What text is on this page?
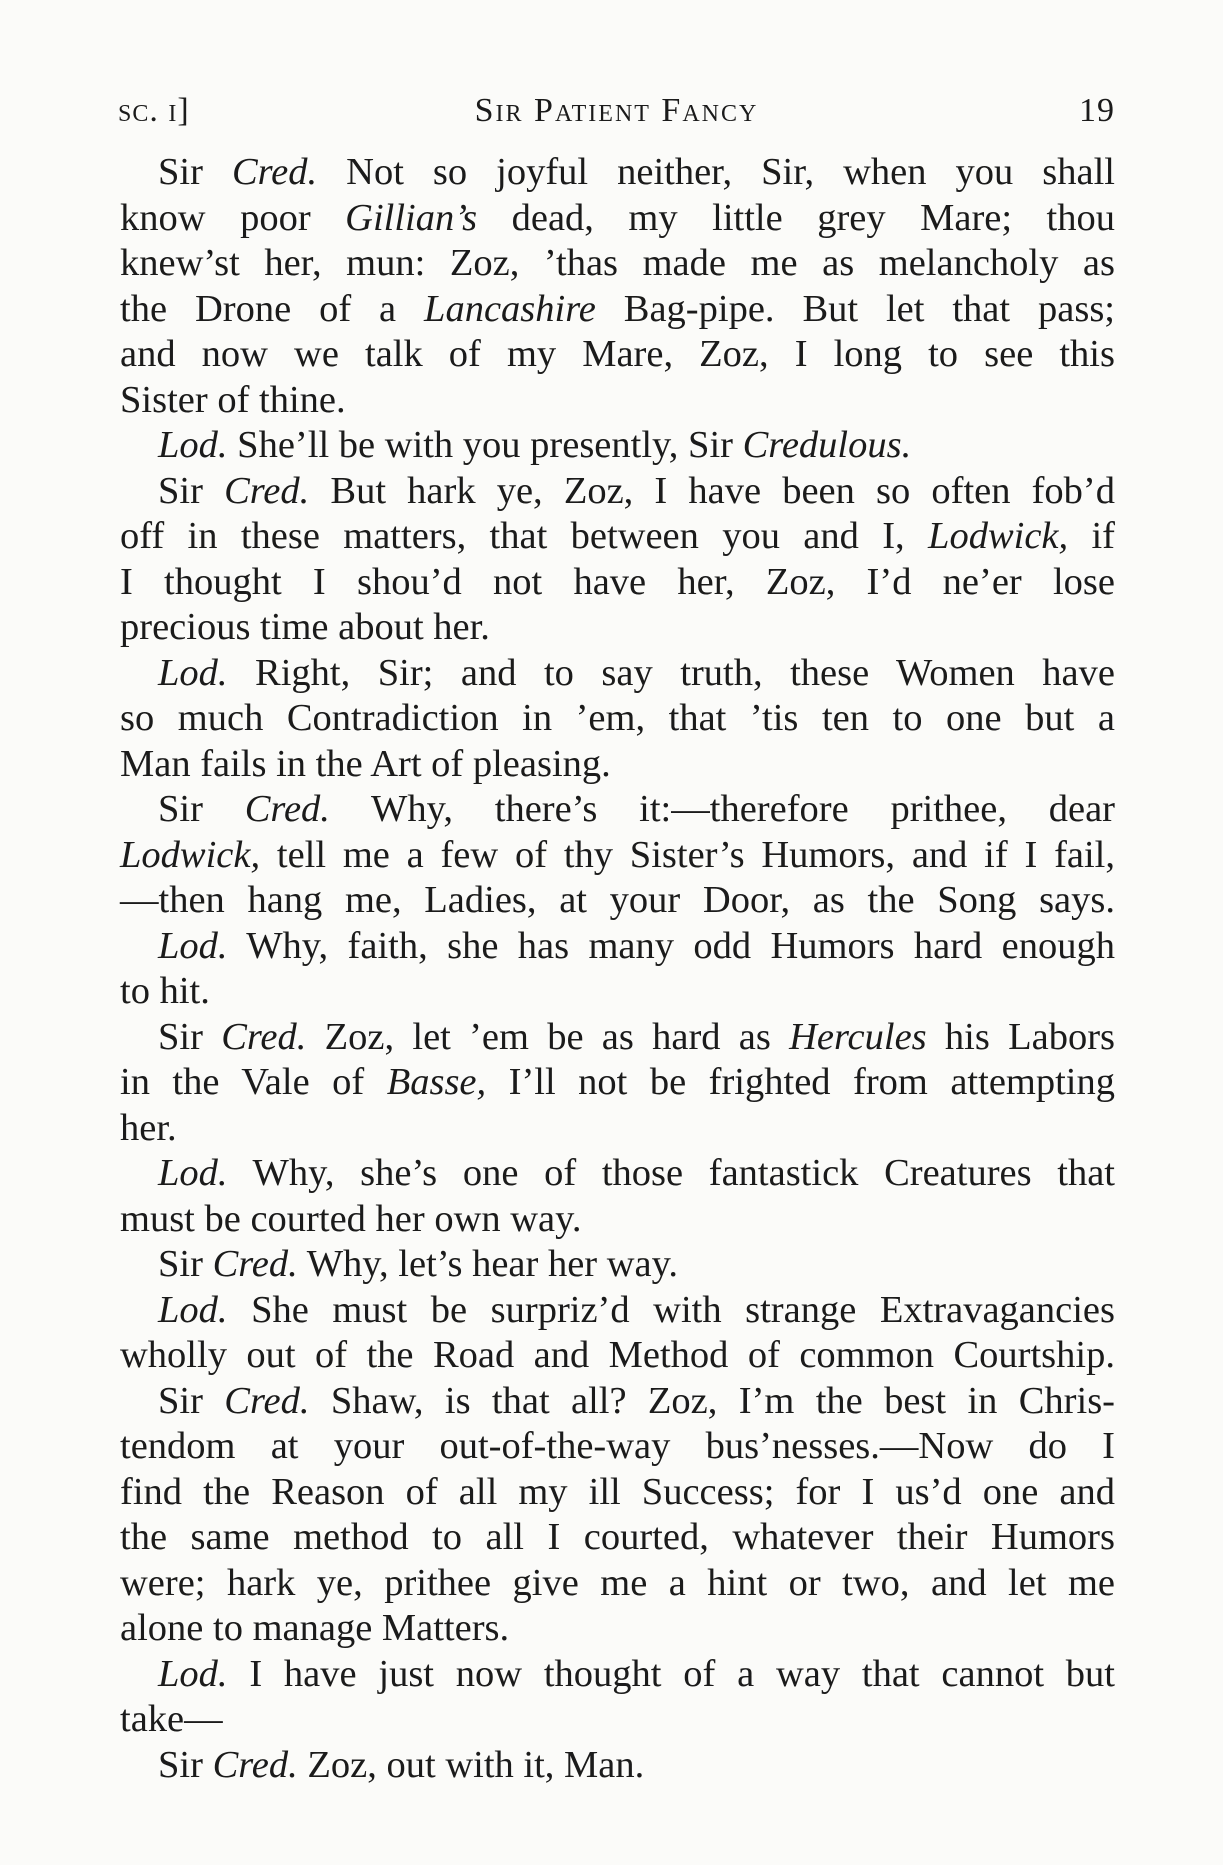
sc. i]	Sir Patient Fancy	19
Sir Cred. Not so joyful neither, Sir, when you shall
know poor Gillian’s dead, my little grey Mare; thou
knew’st her, mun: Zoz, ’thas made me as melancholy as
the Drone of a Lancashire Bag-pipe. But let that pass;
and now we talk of my Mare, Zoz, I long to see this
Sister of thine.
Lod. She’ll be with you presently, Sir Credulous.
Sir Cred. But hark ye, Zoz, I have been so often fob’d
off in these matters, that between you and I, Lodwick, if
I thought I shou’d not have her, Zoz, I’d ne’er lose
precious time about her.
Lod. Right, Sir; and to say truth, these Women have
so much Contradiction in ’em, that ’tis ten to one but a
Man fails in the Art of pleasing.
Sir Cred. Why, there’s it:—therefore prithee, dear
Lodwick, tell me a few of thy Sister’s Humors, and if I fail,
—then hang me, Ladies, at your Door, as the Song says.
Lod. Why, faith, she has many odd Humors hard enough
to hit.
Sir Cred. Zoz, let ’em be as hard as Hercules his Labors
in the Vale of Basse, I’ll not be frighted from attempting
her.
Lod. Why, she’s one of those fantastick Creatures that
must be courted her own way.
Sir Cred. Why, let’s hear her way.
Lod. She must be surpriz’d with strange Extravagancies
wholly out of the Road and Method of common Courtship.
Sir Cred. Shaw, is that all? Zoz, I’m the best in Chris-
tendom at your out-of-the-way bus’nesses.—Now do I
find the Reason of all my ill Success; for I us’d one and
the same method to all I courted, whatever their Humors
were; hark ye, prithee give me a hint or two, and let me
alone to manage Matters.
Lod. I have just now thought of a way that cannot but
take—
Sir Cred. Zoz, out with it, Man.
